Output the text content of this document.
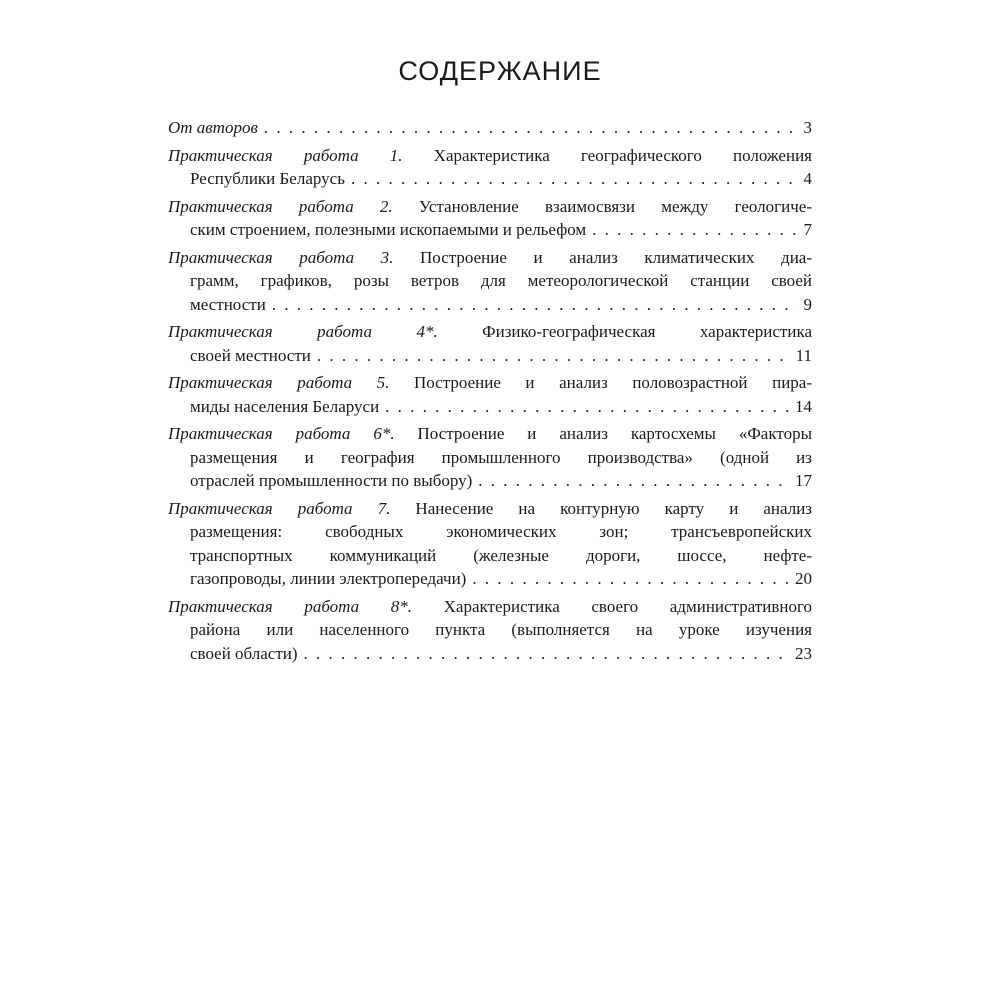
СОДЕРЖАНИЕ
От авторов . . .	3
Практическая работа 1. Характеристика географического положения
Республики Беларусь . . .	4
Практическая работа 2. Установление взаимосвязи между геологиче-
ским строением, полезными ископаемыми и рельефом . . .	7
Практическая работа 3. Построение и анализ климатических диа-
грамм, графиков, розы ветров для метеорологической станции своей
местности . . .	9
Практическая работа 4*. Физико-географическая характеристика
своей местности . . .	11
Практическая работа 5. Построение и анализ половозрастной пира-
миды населения Беларуси . . .	14
Практическая работа 6*. Построение и анализ картосхемы «Факторы
размещения и география промышленного производства» (одной из
отраслей промышленности по выбору) . . .	17
Практическая работа 7. Нанесение на контурную карту и анализ
размещения: свободных экономических зон; трансъевропейских
транспортных коммуникаций (железные дороги, шоссе, нефте-
газопроводы, линии электропередачи) . . .	20
Практическая работа 8*. Характеристика своего административного
района или населенного пункта (выполняется на уроке изучения
своей области) . . .	23
